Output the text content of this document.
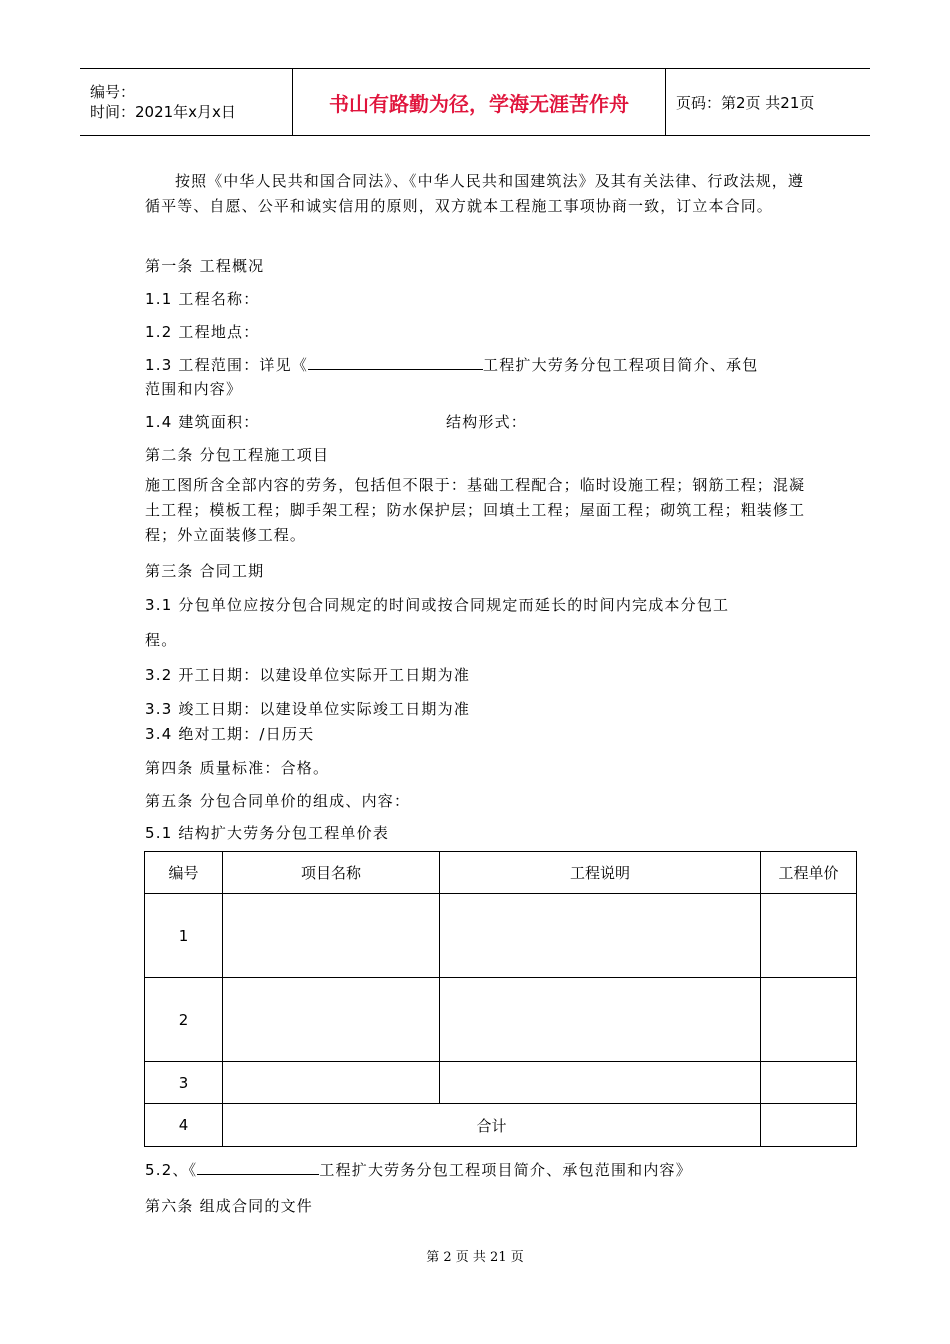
编号：
时间：2021年x月x日	书山有路勤为径，学海无涯苦作舟	页码：第2页 共21页
按照《中华人民共和国合同法》、《中华人民共和国建筑法》及其有关法律、行政法规，遵循平等、自愿、公平和诚实信用的原则，双方就本工程施工事项协商一致，订立本合同。
第一条 工程概况
1.1 工程名称：
1.2 工程地点：
1.3 工程范围：详见《	工程扩大劳务分包工程项目简介、承包
范围和内容》
1.4 建筑面积：	结构形式：
第二条 分包工程施工项目
施工图所含全部内容的劳务，包括但不限于：基础工程配合；临时设施工程；钢筋工程；混凝土工程；模板工程；脚手架工程；防水保护层；回填土工程；屋面工程；砌筑工程；粗装修工程；外立面装修工程。
第三条 合同工期
3.1 分包单位应按分包合同规定的时间或按合同规定而延长的时间内完成本分包工
程。
3.2 开工日期：以建设单位实际开工日期为准
3.3 竣工日期：以建设单位实际竣工日期为准
3.4 绝对工期：/日历天
第四条 质量标准：合格。
第五条 分包合同单价的组成、内容：
5.1 结构扩大劳务分包工程单价表
编号	项目名称	工程说明	工程单价
1			
2			
3			
4	合计		
5.2、《	工程扩大劳务分包工程项目简介、承包范围和内容》
第六条 组成合同的文件
第 2 页 共 21 页
